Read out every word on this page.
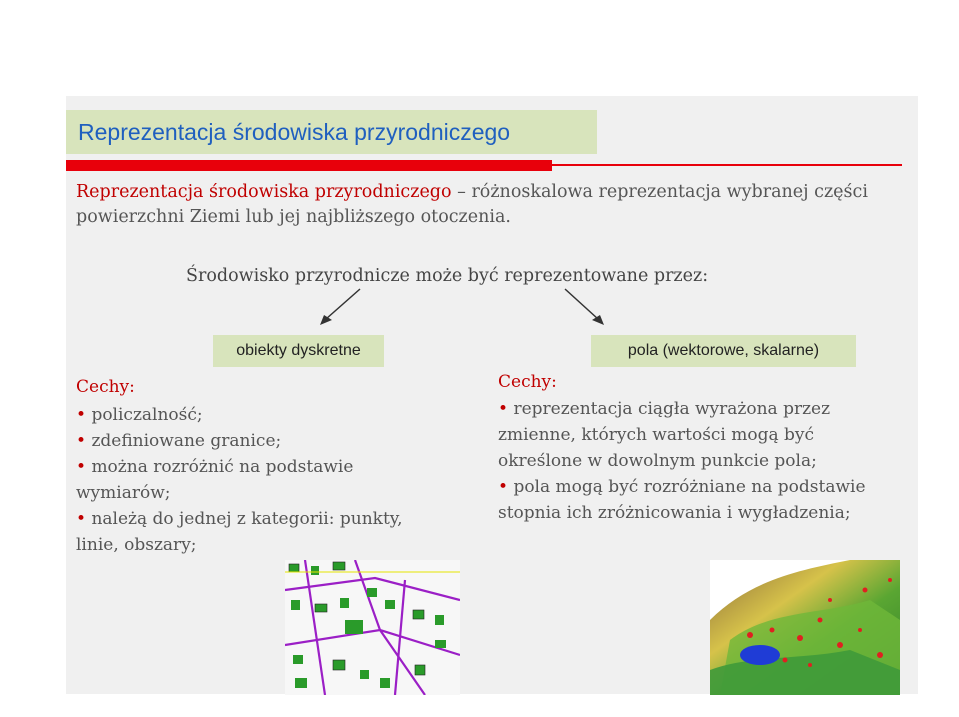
Reprezentacja środowiska przyrodniczego
Reprezentacja środowiska przyrodniczego – różnoskalowa reprezentacja wybranej części powierzchni Ziemi lub jej najbliższego otoczenia.
Środowisko przyrodnicze może być reprezentowane przez:
obiekty dyskretne	pola (wektorowe, skalarne)
Cechy:	Cechy:
• policzalność;
• zdefiniowane granice;
• można rozróżnić na podstawie wymiarów;
• należą do jednej z kategorii: punkty, linie, obszary;
• reprezentacja ciągła wyrażona przez zmienne, których wartości mogą być określone w dowolnym punkcie pola;
• pola mogą być rozróżniane na podstawie stopnia ich zróżnicowania i wygładzenia;
